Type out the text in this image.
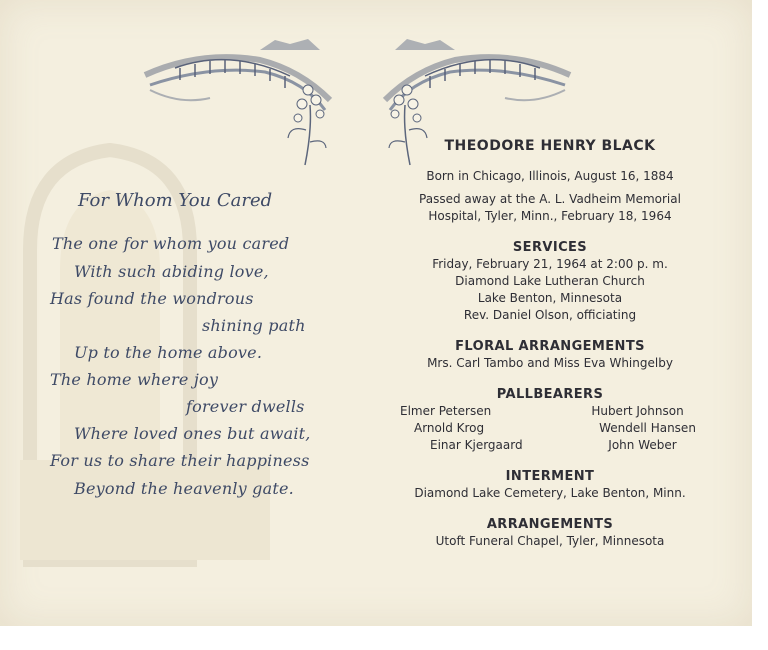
For Whom You Cared
The one for whom you cared
With such abiding love,
Has found the wondrous
shining path
Up to the home above.
The home where joy
forever dwells
Where loved ones but await,
For us to share their happiness
Beyond the heavenly gate.
THEODORE HENRY BLACK
Born in Chicago, Illinois, August 16, 1884
Passed away at the A. L. Vadheim Memorial
Hospital, Tyler, Minn., February 18, 1964
SERVICES
Friday, February 21, 1964 at 2:00 p. m.
Diamond Lake Lutheran Church
Lake Benton, Minnesota
Rev. Daniel Olson, officiating
FLORAL ARRANGEMENTS
Mrs. Carl Tambo and Miss Eva Whingelby
PALLBEARERS
Elmer Petersen	Hubert Johnson
Arnold Krog	Wendell Hansen
Einar Kjergaard	John Weber
INTERMENT
Diamond Lake Cemetery, Lake Benton, Minn.
ARRANGEMENTS
Utoft Funeral Chapel, Tyler, Minnesota
